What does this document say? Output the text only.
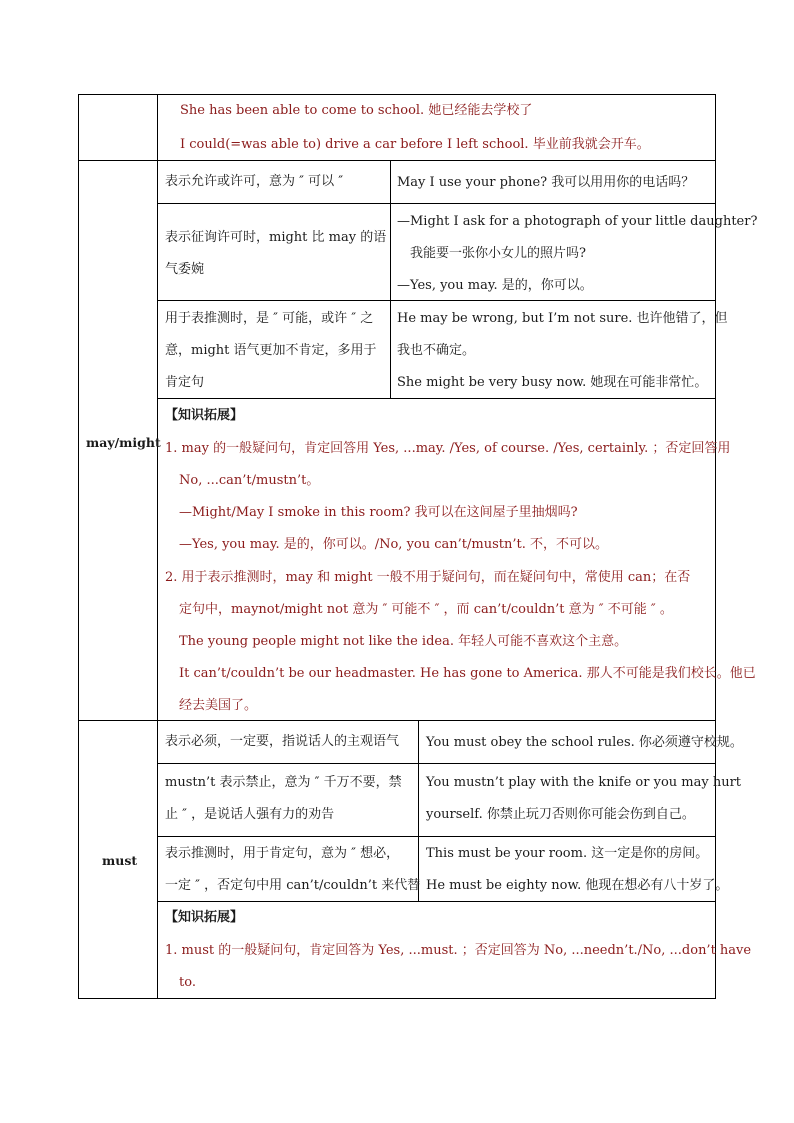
She has been able to come to school. 她已经能去学校了
I could(=was able to) drive a car before I left school. 毕业前我就会开车。
may/might
表示允许或许可，意为 ″ 可以 ″	May I use your phone? 我可以用用你的电话吗？
表示征询许可时，might 比 may 的语
气委婉
—Might I ask for a photograph of your little daughter?
我能要一张你小女儿的照片吗?
—Yes, you may. 是的，你可以。
用于表推测时，是 ″ 可能，或许 ″ 之
意，might 语气更加不肯定，多用于
肯定句
He may be wrong, but I’m not sure. 也许他错了，但
我也不确定。
She might be very busy now. 她现在可能非常忙。
【知识拓展】
1. may 的一般疑问句，肯定回答用 Yes, ...may. /Yes, of course. /Yes, certainly. ；否定回答用
No, ...can’t/mustn’t。
—Might/May I smoke in this room? 我可以在这间屋子里抽烟吗?
—Yes, you may. 是的，你可以。/No, you can’t/mustn’t. 不，不可以。
2. 用于表示推测时，may 和 might 一般不用于疑问句，而在疑问句中，常使用 can；在否
定句中，maynot/might not 意为 ″ 可能不 ″ ，而 can’t/couldn’t 意为 ″ 不可能 ″ 。
The young people might not like the idea. 年轻人可能不喜欢这个主意。
It can’t/couldn’t be our headmaster. He has gone to America. 那人不可能是我们校长。他已
经去美国了。
must
表示必须，一定要，指说话人的主观语气 You must obey the school rules. 你必须遵守校规。
mustn’t 表示禁止，意为 ″ 千万不要，禁
止 ″ ，是说话人强有力的劝告
You mustn’t play with the knife or you may hurt
yourself. 你禁止玩刀否则你可能会伤到自己。
表示推测时，用于肯定句，意为 ″ 想必，
一定 ″ ，否定句中用 can’t/couldn’t 来代替
This must be your room. 这一定是你的房间。
He must be eighty now. 他现在想必有八十岁了。
【知识拓展】
1. must 的一般疑问句，肯定回答为 Yes, ...must. ；否定回答为 No, ...needn’t./No, ...don’t have
to.
